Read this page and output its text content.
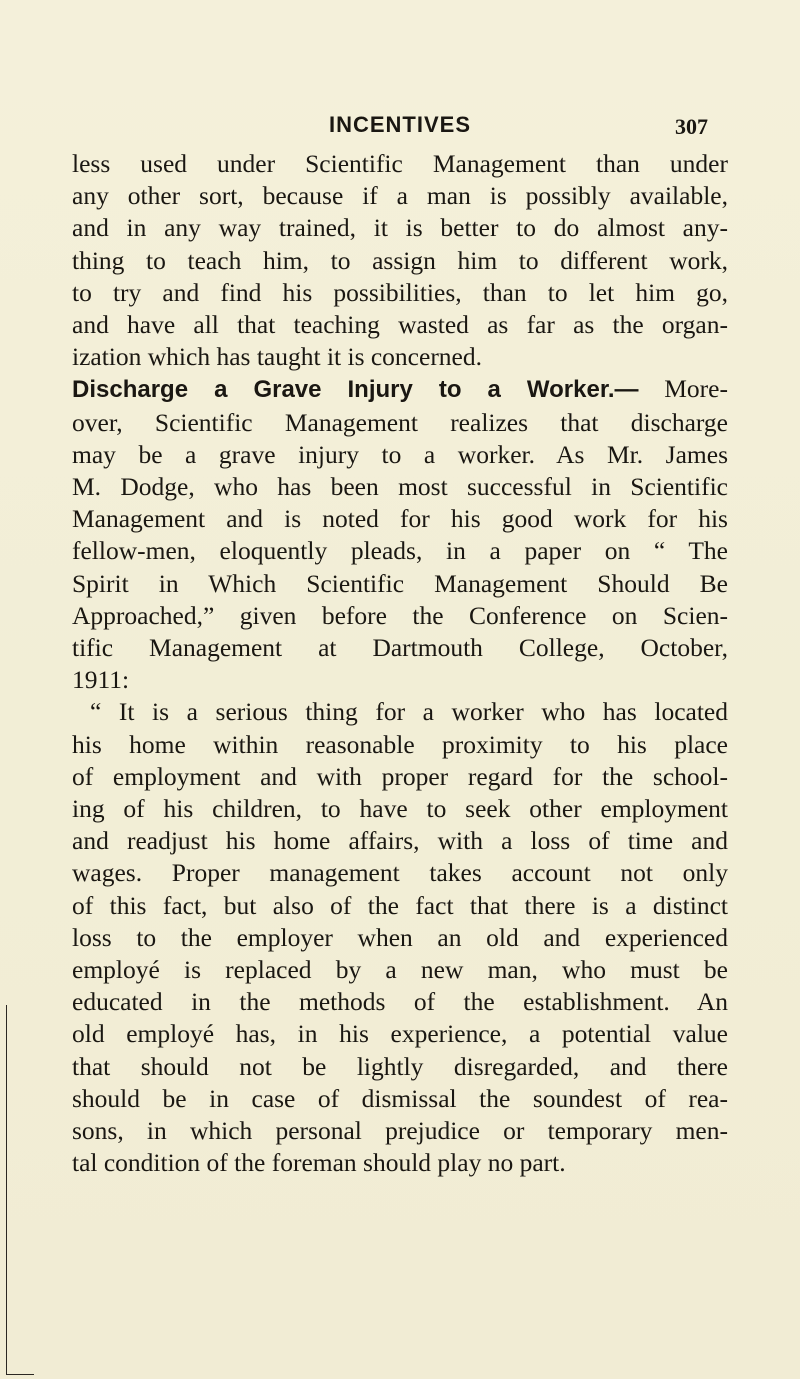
INCENTIVES	307
less used under Scientific Management than under
any other sort, because if a man is possibly available,
and in any way trained, it is better to do almost any-
thing to teach him, to assign him to different work,
to try and find his possibilities, than to let him go,
and have all that teaching wasted as far as the organ-
ization which has taught it is concerned.
Discharge a Grave Injury to a Worker.— More-
over, Scientific Management realizes that discharge
may be a grave injury to a worker. As Mr. James
M. Dodge, who has been most successful in Scientific
Management and is noted for his good work for his
fellow-men, eloquently pleads, in a paper on “ The
Spirit in Which Scientific Management Should Be
Approached,” given before the Conference on Scien-
tific Management at Dartmouth College, October,
1911:
“ It is a serious thing for a worker who has located
his home within reasonable proximity to his place
of employment and with proper regard for the school-
ing of his children, to have to seek other employment
and readjust his home affairs, with a loss of time and
wages. Proper management takes account not only
of this fact, but also of the fact that there is a distinct
loss to the employer when an old and experienced
employé is replaced by a new man, who must be
educated in the methods of the establishment. An
old employé has, in his experience, a potential value
that should not be lightly disregarded, and there
should be in case of dismissal the soundest of rea-
sons, in which personal prejudice or temporary men-
tal condition of the foreman should play no part.
